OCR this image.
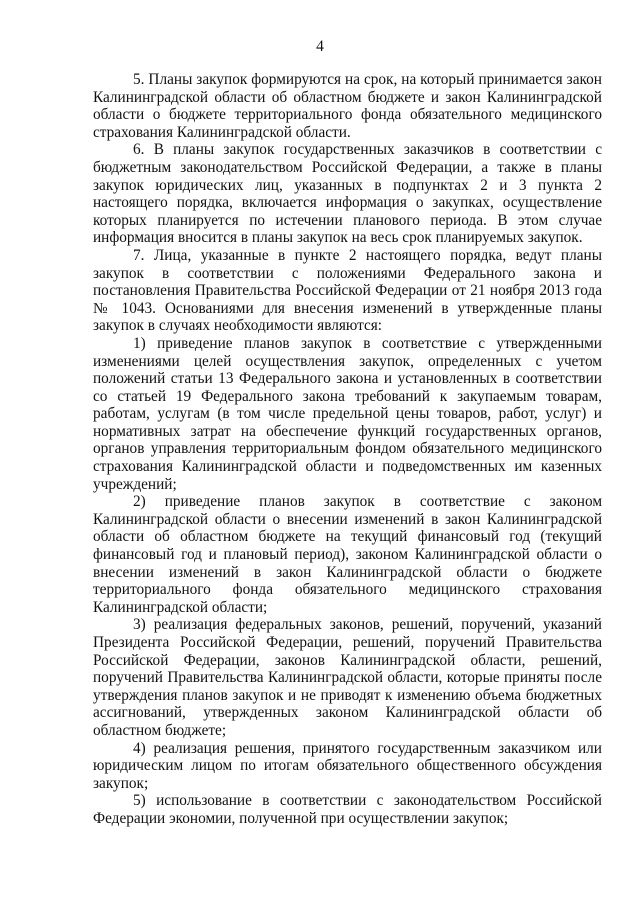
4

5. Планы закупок формируются на срок, на который принимается закон Калининградской области об областном бюджете и закон Калининградской области о бюджете территориального фонда обязательного медицинского страхования Калининградской области.

6. В планы закупок государственных заказчиков в соответствии с бюджетным законодательством Российской Федерации, а также в планы закупок юридических лиц, указанных в подпунктах 2 и 3 пункта 2 настоящего порядка, включается информация о закупках, осуществление которых планируется по истечении планового периода. В этом случае информация вносится в планы закупок на весь срок планируемых закупок.

7. Лица, указанные в пункте 2 настоящего порядка, ведут планы закупок в соответствии с положениями Федерального закона и постановления Правительства Российской Федерации от 21 ноября 2013 года № 1043. Основаниями для внесения изменений в утвержденные планы закупок в случаях необходимости являются:

1) приведение планов закупок в соответствие с утвержденными изменениями целей осуществления закупок, определенных с учетом положений статьи 13 Федерального закона и установленных в соответствии со статьей 19 Федерального закона требований к закупаемым товарам, работам, услугам (в том числе предельной цены товаров, работ, услуг) и нормативных затрат на обеспечение функций государственных органов, органов управления территориальным фондом обязательного медицинского страхования Калининградской области и подведомственных им казенных учреждений;

2) приведение планов закупок в соответствие с законом Калининградской области о внесении изменений в закон Калининградской области об областном бюджете на текущий финансовый год (текущий финансовый год и плановый период), законом Калининградской области о внесении изменений в закон Калининградской области о бюджете территориального фонда обязательного медицинского страхования Калининградской области;

3) реализация федеральных законов, решений, поручений, указаний Президента Российской Федерации, решений, поручений Правительства Российской Федерации, законов Калининградской области, решений, поручений Правительства Калининградской области, которые приняты после утверждения планов закупок и не приводят к изменению объема бюджетных ассигнований, утвержденных законом Калининградской области об областном бюджете;

4) реализация решения, принятого государственным заказчиком или юридическим лицом по итогам обязательного общественного обсуждения закупок;

5) использование в соответствии с законодательством Российской Федерации экономии, полученной при осуществлении закупок;
